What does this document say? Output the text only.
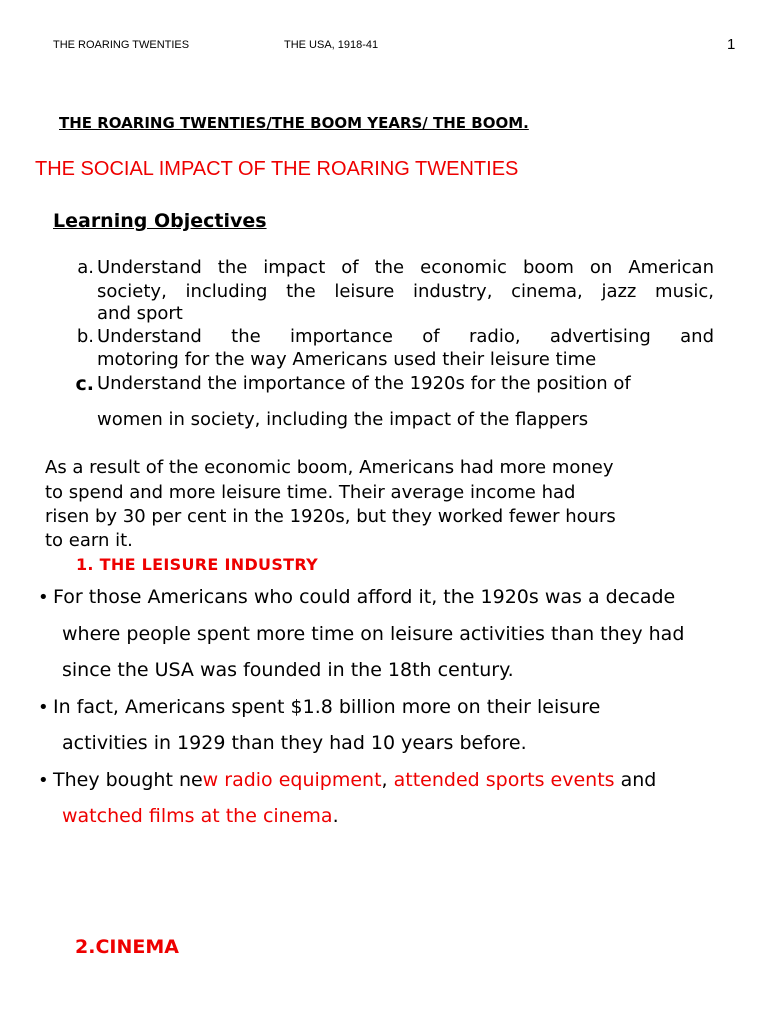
THE ROARING TWENTIES	THE USA, 1918-41	1
THE ROARING TWENTIES/THE BOOM YEARS/ THE BOOM.
THE SOCIAL IMPACT OF THE ROARING TWENTIES
Learning Objectives
a. Understand the impact of the economic boom on American
society, including the leisure industry, cinema, jazz music,
and sport
b. Understand the importance of radio, advertising and
motoring for the way Americans used their leisure time
c. Understand the importance of the 1920s for the position of
women in society, including the impact of the flappers
As a result of the economic boom, Americans had more money
to spend and more leisure time. Their average income had
risen by 30 per cent in the 1920s, but they worked fewer hours
to earn it.
1. THE LEISURE INDUSTRY
• For those Americans who could afford it, the 1920s was a decade
where people spent more time on leisure activities than they had
since the USA was founded in the 18th century.
• In fact, Americans spent $1.8 billion more on their leisure
activities in 1929 than they had 10 years before.
• They bought new radio equipment, attended sports events and
watched films at the cinema.
2.CINEMA
